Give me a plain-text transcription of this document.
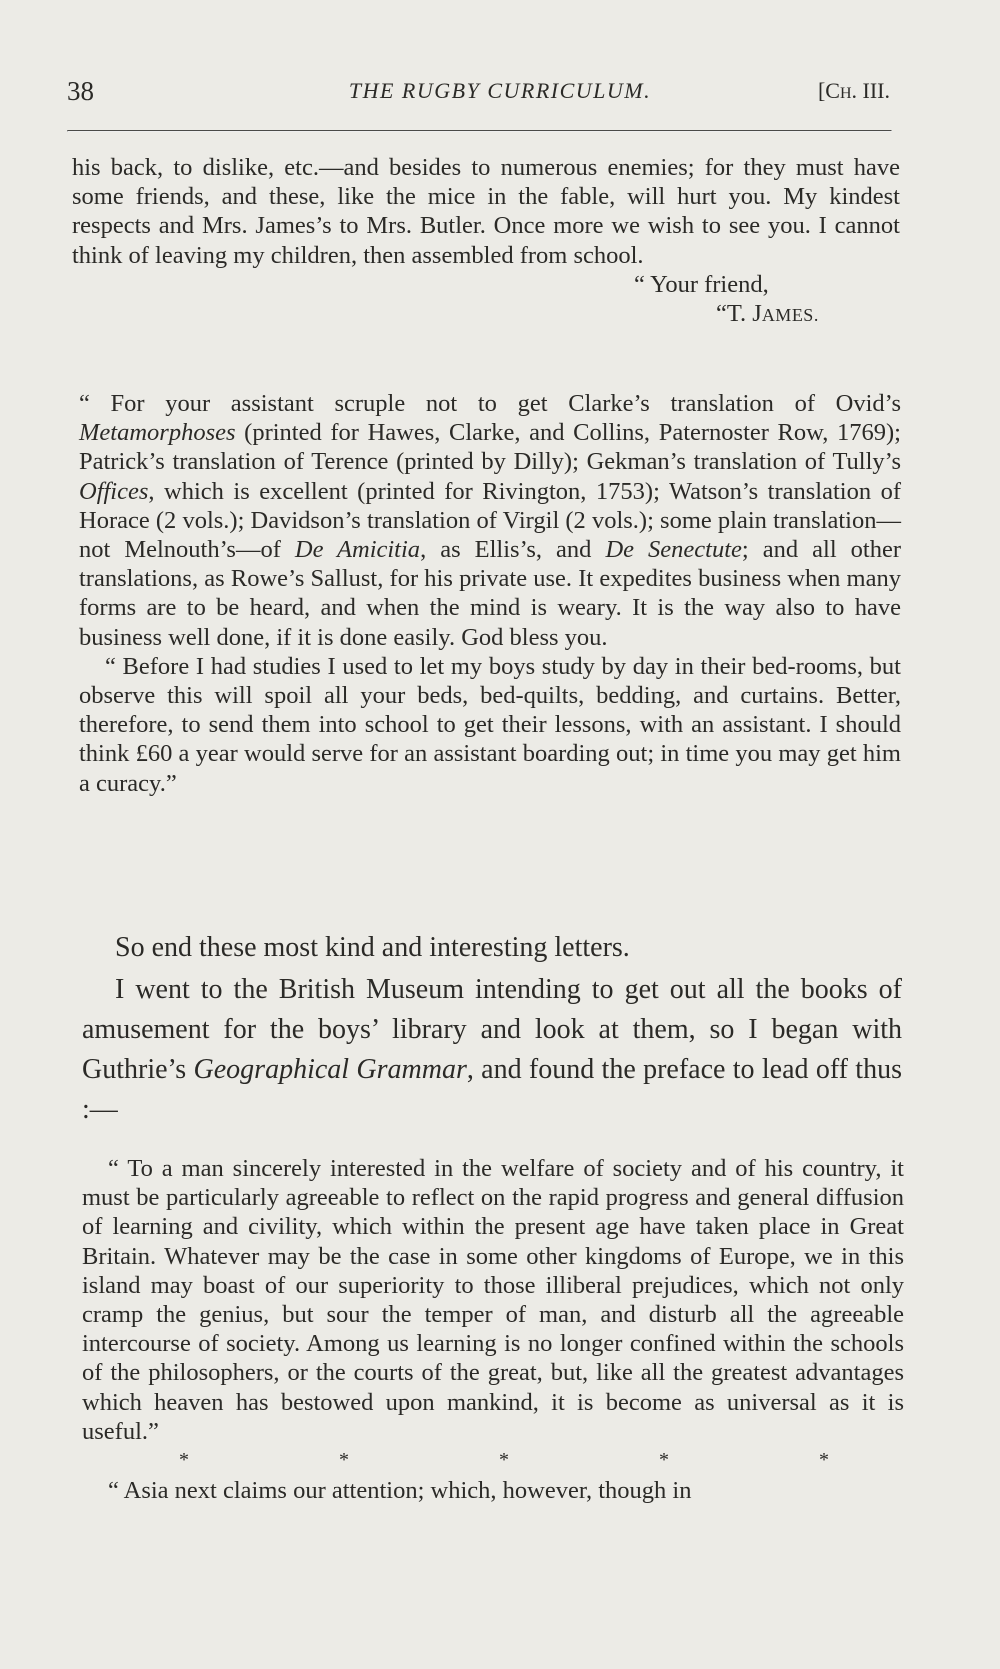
38	THE RUGBY CURRICULUM.	[CH. III.

his back, to dislike, etc.—and besides to numerous enemies; for they must have some friends, and these, like the mice in the fable, will hurt you. My kindest respects and Mrs. James’s to Mrs. Butler. Once more we wish to see you. I cannot think of leaving my children, then assembled from school.

“ Your friend,

“T. JAMES.

“ For your assistant scruple not to get Clarke’s translation of Ovid’s Metamorphoses (printed for Hawes, Clarke, and Collins, Paternoster Row, 1769); Patrick’s translation of Terence (printed by Dilly); Gekman’s translation of Tully’s Offices, which is excellent (printed for Rivington, 1753); Watson’s translation of Horace (2 vols.); Davidson’s translation of Virgil (2 vols.); some plain translation—not Melnouth’s—of De Amicitia, as Ellis’s, and De Senectute; and all other translations, as Rowe’s Sallust, for his private use. It expedites business when many forms are to be heard, and when the mind is weary. It is the way also to have business well done, if it is done easily. God bless you.

“ Before I had studies I used to let my boys study by day in their bed-rooms, but observe this will spoil all your beds, bed-quilts, bedding, and curtains. Better, therefore, to send them into school to get their lessons, with an assistant. I should think £60 a year would serve for an assistant boarding out; in time you may get him a curacy.”

So end these most kind and interesting letters.

I went to the British Museum intending to get out all the books of amusement for the boys’ library and look at them, so I began with Guthrie’s Geographical Grammar, and found the preface to lead off thus :—

“ To a man sincerely interested in the welfare of society and of his country, it must be particularly agreeable to reflect on the rapid progress and general diffusion of learning and civility, which within the present age have taken place in Great Britain. Whatever may be the case in some other kingdoms of Europe, we in this island may boast of our superiority to those illiberal prejudices, which not only cramp the genius, but sour the temper of man, and disturb all the agreeable intercourse of society. Among us learning is no longer confined within the schools of the philosophers, or the courts of the great, but, like all the greatest advantages which heaven has bestowed upon mankind, it is become as universal as it is useful.”

*	*	*	*	*

“ Asia next claims our attention; which, however, though in
